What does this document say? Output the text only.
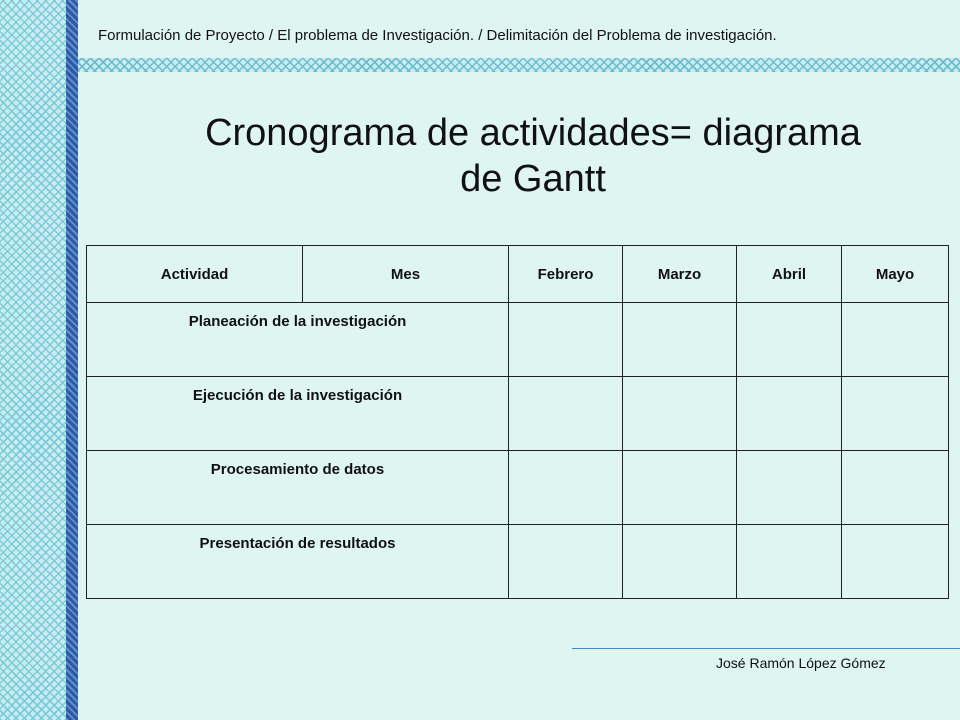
Formulación de Proyecto / El problema de Investigación. / Delimitación del Problema de investigación.
Cronograma de actividades= diagrama
de Gantt
Actividad	Mes	Febrero	Marzo	Abril	Mayo
Planeación de la investigación					
Ejecución de la investigación					
Procesamiento de datos					
Presentación de resultados					
José Ramón López Gómez
